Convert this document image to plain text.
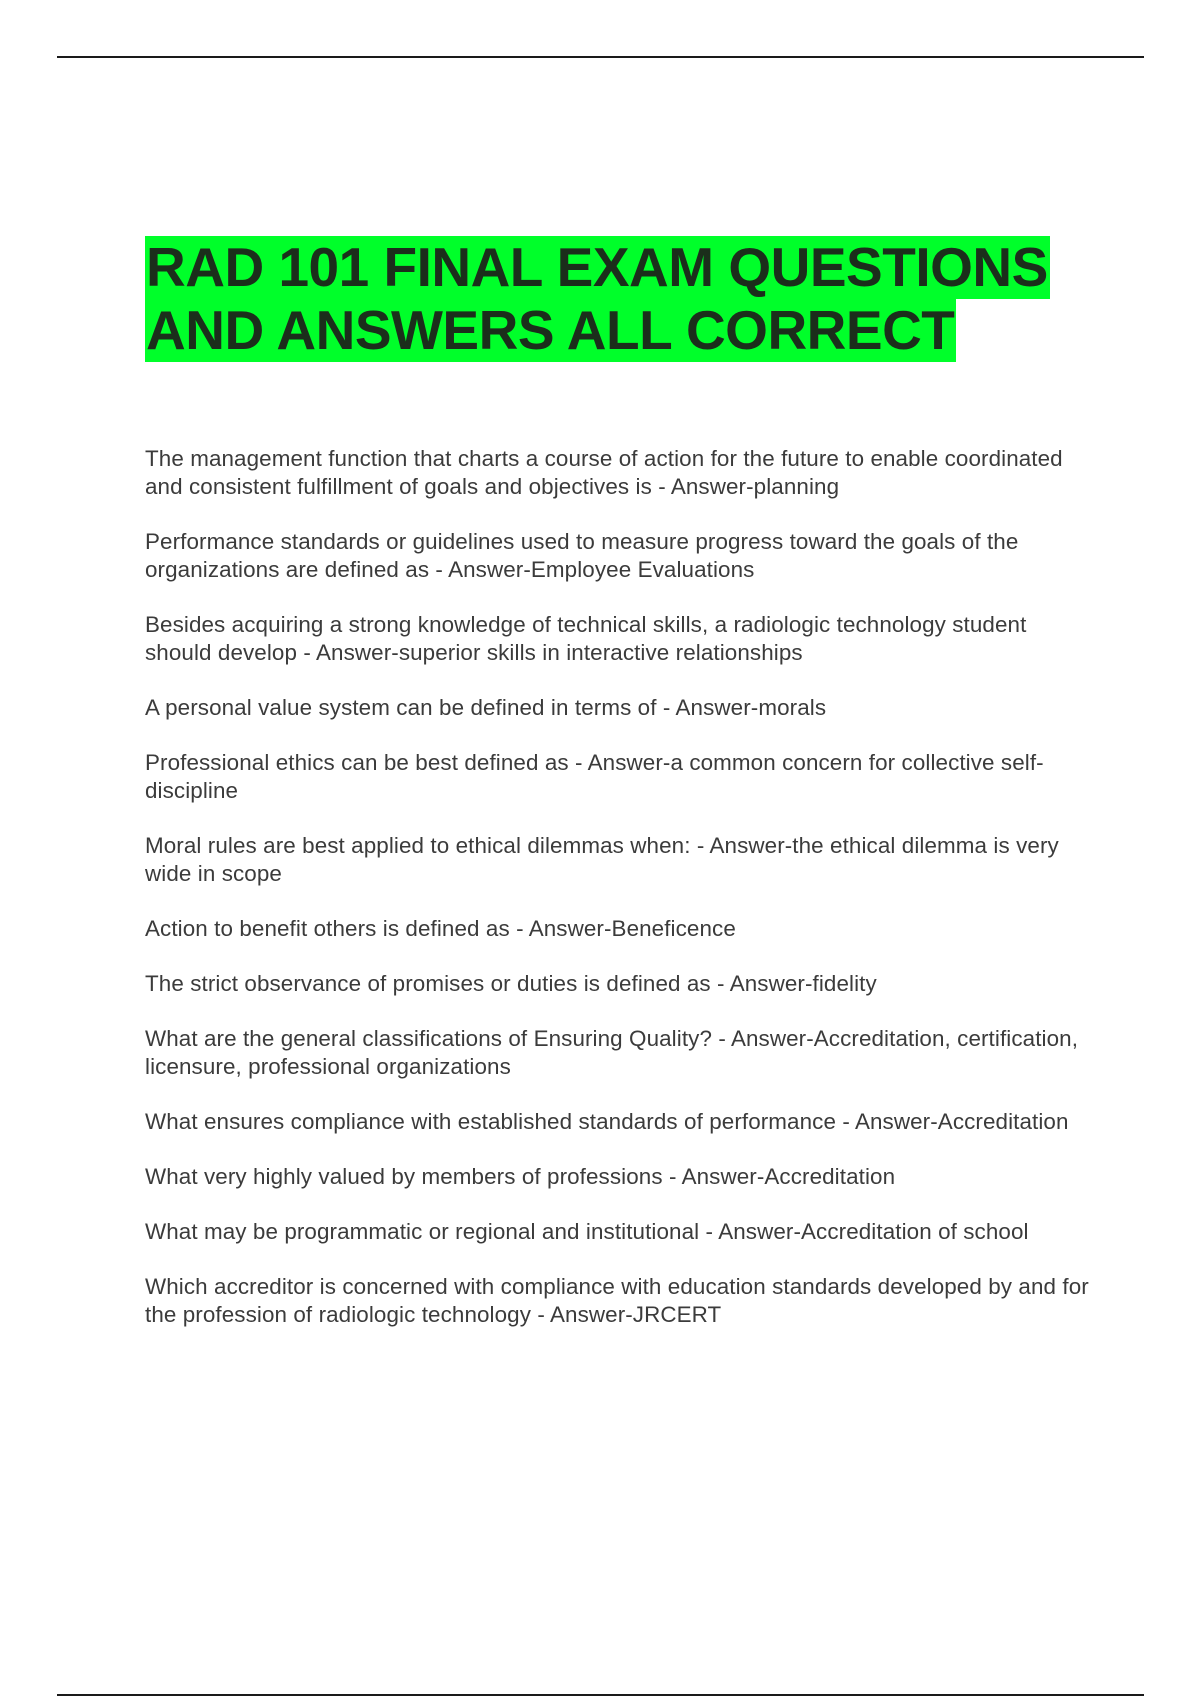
RAD 101 FINAL EXAM QUESTIONS
AND ANSWERS ALL CORRECT
The management function that charts a course of action for the future to enable coordinated and consistent fulfillment of goals and objectives is - Answer-planning
Performance standards or guidelines used to measure progress toward the goals of the organizations are defined as - Answer-Employee Evaluations
Besides acquiring a strong knowledge of technical skills, a radiologic technology student should develop - Answer-superior skills in interactive relationships
A personal value system can be defined in terms of - Answer-morals
Professional ethics can be best defined as - Answer-a common concern for collective self-discipline
Moral rules are best applied to ethical dilemmas when: - Answer-the ethical dilemma is very wide in scope
Action to benefit others is defined as - Answer-Beneficence
The strict observance of promises or duties is defined as - Answer-fidelity
What are the general classifications of Ensuring Quality? - Answer-Accreditation, certification, licensure, professional organizations
What ensures compliance with established standards of performance - Answer-Accreditation
What very highly valued by members of professions - Answer-Accreditation
What may be programmatic or regional and institutional - Answer-Accreditation of school
Which accreditor is concerned with compliance with education standards developed by and for the profession of radiologic technology - Answer-JRCERT
